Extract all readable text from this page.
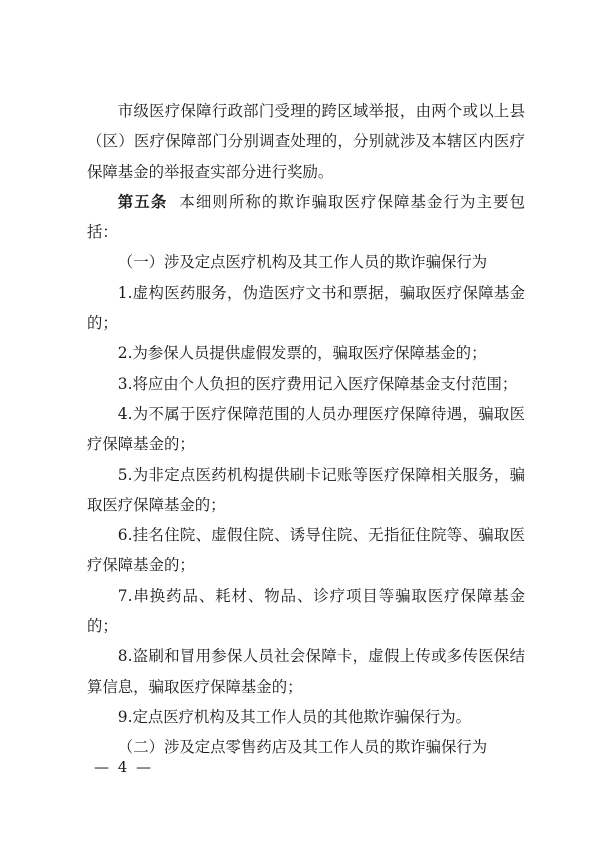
市级医疗保障行政部门受理的跨区域举报，由两个或以上县（区）医疗保障部门分别调查处理的，分别就涉及本辖区内医疗保障基金的举报查实部分进行奖励。

第五条 本细则所称的欺诈骗取医疗保障基金行为主要包括：

（一）涉及定点医疗机构及其工作人员的欺诈骗保行为

1.虚构医药服务，伪造医疗文书和票据，骗取医疗保障基金的；

2.为参保人员提供虚假发票的，骗取医疗保障基金的；

3.将应由个人负担的医疗费用记入医疗保障基金支付范围；

4.为不属于医疗保障范围的人员办理医疗保障待遇，骗取医疗保障基金的；

5.为非定点医药机构提供刷卡记账等医疗保障相关服务，骗取医疗保障基金的；

6.挂名住院、虚假住院、诱导住院、无指征住院等、骗取医疗保障基金的；

7.串换药品、耗材、物品、诊疗项目等骗取医疗保障基金的；

8.盗刷和冒用参保人员社会保障卡，虚假上传或多传医保结算信息，骗取医疗保障基金的；

9.定点医疗机构及其工作人员的其他欺诈骗保行为。

（二）涉及定点零售药店及其工作人员的欺诈骗保行为

— 4 —
